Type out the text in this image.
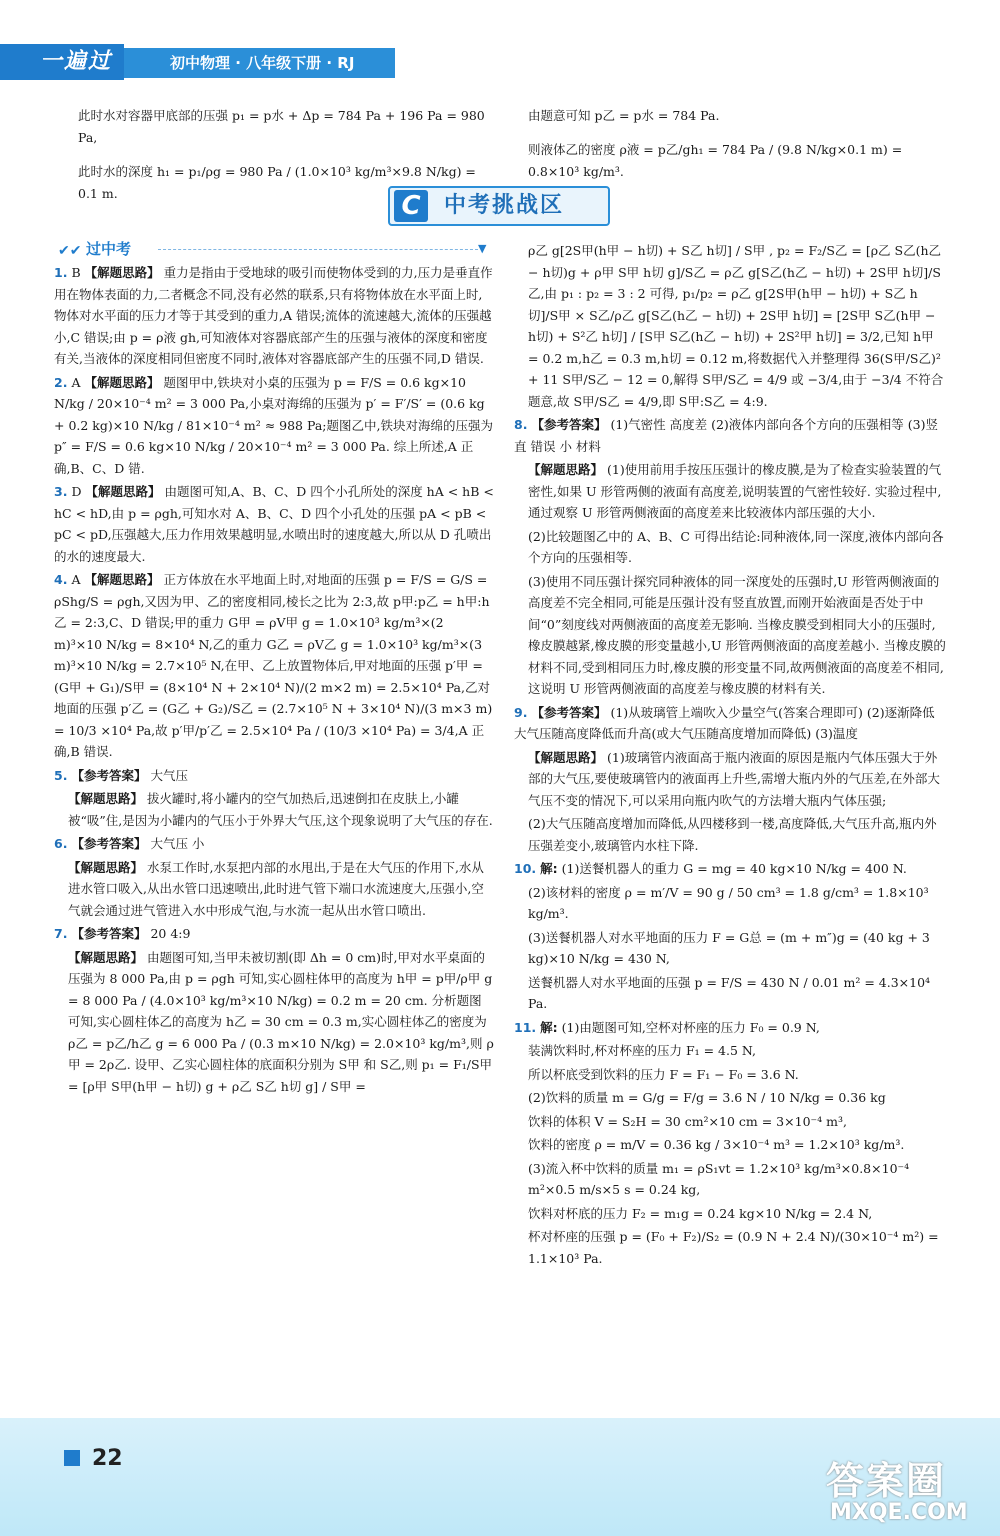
一遍过	初中物理 · 八年级下册 · RJ

此时水对容器甲底部的压强 p₁ = p水 + Δp = 784 Pa + 196 Pa = 980 Pa,

此时水的深度 h₁ = p₁/ρg = 980 Pa / (1.0×10³ kg/m³×9.8 N/kg) = 0.1 m.

由题意可知 p乙 = p水 = 784 Pa.

则液体乙的密度 ρ液 = p乙/gh₁ = 784 Pa / (9.8 N/kg×0.1 m) = 0.8×10³ kg/m³.

C	中考挑战区
✔✔ 过中考	▼

1. B 【解题思路】 重力是指由于受地球的吸引而使物体受到的力,压力是垂直作用在物体表面的力,二者概念不同,没有必然的联系,只有将物体放在水平面上时,物体对水平面的压力才等于其受到的重力,A 错误;流体的流速越大,流体的压强越小,C 错误;由 p = ρ液 gh,可知液体对容器底部产生的压强与液体的深度和密度有关,当液体的深度相同但密度不同时,液体对容器底部产生的压强不同,D 错误.

2. A 【解题思路】 题图甲中,铁块对小桌的压强为 p = F/S = 0.6 kg×10 N/kg / 20×10⁻⁴ m² = 3 000 Pa,小桌对海绵的压强为 p′ = F′/S′ = (0.6 kg + 0.2 kg)×10 N/kg / 81×10⁻⁴ m² ≈ 988 Pa;题图乙中,铁块对海绵的压强为 p″ = F/S = 0.6 kg×10 N/kg / 20×10⁻⁴ m² = 3 000 Pa. 综上所述,A 正确,B、C、D 错.

3. D 【解题思路】 由题图可知,A、B、C、D 四个小孔所处的深度 hA < hB < hC < hD,由 p = ρgh,可知水对 A、B、C、D 四个小孔处的压强 pA < pB < pC < pD,压强越大,压力作用效果越明显,水喷出时的速度越大,所以从 D 孔喷出的水的速度最大.

4. A 【解题思路】 正方体放在水平地面上时,对地面的压强 p = F/S = G/S = ρShg/S = ρgh,又因为甲、乙的密度相同,棱长之比为 2:3,故 p甲:p乙 = h甲:h乙 = 2:3,C、D 错误;甲的重力 G甲 = ρV甲 g = 1.0×10³ kg/m³×(2 m)³×10 N/kg = 8×10⁴ N,乙的重力 G乙 = ρV乙 g = 1.0×10³ kg/m³×(3 m)³×10 N/kg = 2.7×10⁵ N,在甲、乙上放置物体后,甲对地面的压强 p′甲 = (G甲 + G₁)/S甲 = (8×10⁴ N + 2×10⁴ N)/(2 m×2 m) = 2.5×10⁴ Pa,乙对地面的压强 p′乙 = (G乙 + G₂)/S乙 = (2.7×10⁵ N + 3×10⁴ N)/(3 m×3 m) = 10/3 ×10⁴ Pa,故 p′甲/p′乙 = 2.5×10⁴ Pa / (10/3 ×10⁴ Pa) = 3/4,A 正确,B 错误.

5. 【参考答案】 大气压

【解题思路】 拔火罐时,将小罐内的空气加热后,迅速倒扣在皮肤上,小罐被“吸”住,是因为小罐内的气压小于外界大气压,这个现象说明了大气压的存在.

6. 【参考答案】 大气压 小

【解题思路】 水泵工作时,水泵把内部的水甩出,于是在大气压的作用下,水从进水管口吸入,从出水管口迅速喷出,此时进气管下端口水流速度大,压强小,空气就会通过进气管进入水中形成气泡,与水流一起从出水管口喷出.

7. 【参考答案】 20 4:9

【解题思路】 由题图可知,当甲未被切割(即 Δh = 0 cm)时,甲对水平桌面的压强为 8 000 Pa,由 p = ρgh 可知,实心圆柱体甲的高度为 h甲 = p甲/ρ甲 g = 8 000 Pa / (4.0×10³ kg/m³×10 N/kg) = 0.2 m = 20 cm. 分析题图可知,实心圆柱体乙的高度为 h乙 = 30 cm = 0.3 m,实心圆柱体乙的密度为 ρ乙 = p乙/h乙 g = 6 000 Pa / (0.3 m×10 N/kg) = 2.0×10³ kg/m³,则 ρ甲 = 2ρ乙. 设甲、乙实心圆柱体的底面积分别为 S甲 和 S乙,则 p₁ = F₁/S甲 = [ρ甲 S甲(h甲 − h切) g + ρ乙 S乙 h切 g] / S甲 =

ρ乙 g[2S甲(h甲 − h切) + S乙 h切] / S甲 , p₂ = F₂/S乙 = [ρ乙 S乙(h乙 − h切)g + ρ甲 S甲 h切 g]/S乙 = ρ乙 g[S乙(h乙 − h切) + 2S甲 h切]/S乙,由 p₁ : p₂ = 3 : 2 可得, p₁/p₂ = ρ乙 g[2S甲(h甲 − h切) + S乙 h切]/S甲 × S乙/ρ乙 g[S乙(h乙 − h切) + 2S甲 h切] = [2S甲 S乙(h甲 − h切) + S²乙 h切] / [S甲 S乙(h乙 − h切) + 2S²甲 h切] = 3/2,已知 h甲 = 0.2 m,h乙 = 0.3 m,h切 = 0.12 m,将数据代入并整理得 36(S甲/S乙)² + 11 S甲/S乙 − 12 = 0,解得 S甲/S乙 = 4/9 或 −3/4,由于 −3/4 不符合题意,故 S甲/S乙 = 4/9,即 S甲:S乙 = 4:9.

8. 【参考答案】 (1)气密性 高度差 (2)液体内部向各个方向的压强相等 (3)竖直 错误 小 材料

【解题思路】 (1)使用前用手按压压强计的橡皮膜,是为了检查实验装置的气密性,如果 U 形管两侧的液面有高度差,说明装置的气密性较好. 实验过程中,通过观察 U 形管两侧液面的高度差来比较液体内部压强的大小.

(2)比较题图乙中的 A、B、C 可得出结论:同种液体,同一深度,液体内部向各个方向的压强相等.

(3)使用不同压强计探究同种液体的同一深度处的压强时,U 形管两侧液面的高度差不完全相同,可能是压强计没有竖直放置,而刚开始液面是否处于中间“0”刻度线对两侧液面的高度差无影响. 当橡皮膜受到相同大小的压强时,橡皮膜越紧,橡皮膜的形变量越小,U 形管两侧液面的高度差越小. 当橡皮膜的材料不同,受到相同压力时,橡皮膜的形变量不同,故两侧液面的高度差不相同,这说明 U 形管两侧液面的高度差与橡皮膜的材料有关.

9. 【参考答案】 (1)从玻璃管上端吹入少量空气(答案合理即可) (2)逐渐降低 大气压随高度降低而升高(或大气压随高度增加而降低) (3)温度

【解题思路】 (1)玻璃管内液面高于瓶内液面的原因是瓶内气体压强大于外部的大气压,要使玻璃管内的液面再上升些,需增大瓶内外的气压差,在外部大气压不变的情况下,可以采用向瓶内吹气的方法增大瓶内气体压强;

(2)大气压随高度增加而降低,从四楼移到一楼,高度降低,大气压升高,瓶内外压强差变小,玻璃管内水柱下降.

10. 解: (1)送餐机器人的重力 G = mg = 40 kg×10 N/kg = 400 N.

(2)该材料的密度 ρ = m′/V = 90 g / 50 cm³ = 1.8 g/cm³ = 1.8×10³ kg/m³.

(3)送餐机器人对水平地面的压力 F = G总 = (m + m″)g = (40 kg + 3 kg)×10 N/kg = 430 N,

送餐机器人对水平地面的压强 p = F/S = 430 N / 0.01 m² = 4.3×10⁴ Pa.

11. 解: (1)由题图可知,空杯对杯座的压力 F₀ = 0.9 N,

装满饮料时,杯对杯座的压力 F₁ = 4.5 N,

所以杯底受到饮料的压力 F = F₁ − F₀ = 3.6 N.

(2)饮料的质量 m = G/g = F/g = 3.6 N / 10 N/kg = 0.36 kg

饮料的体积 V = S₂H = 30 cm²×10 cm = 3×10⁻⁴ m³,

饮料的密度 ρ = m/V = 0.36 kg / 3×10⁻⁴ m³ = 1.2×10³ kg/m³.

(3)流入杯中饮料的质量 m₁ = ρS₁vt = 1.2×10³ kg/m³×0.8×10⁻⁴ m²×0.5 m/s×5 s = 0.24 kg,

饮料对杯底的压力 F₂ = m₁g = 0.24 kg×10 N/kg = 2.4 N,

杯对杯座的压强 p = (F₀ + F₂)/S₂ = (0.9 N + 2.4 N)/(30×10⁻⁴ m²) = 1.1×10³ Pa.

22
答案圈
MXQE.COM
